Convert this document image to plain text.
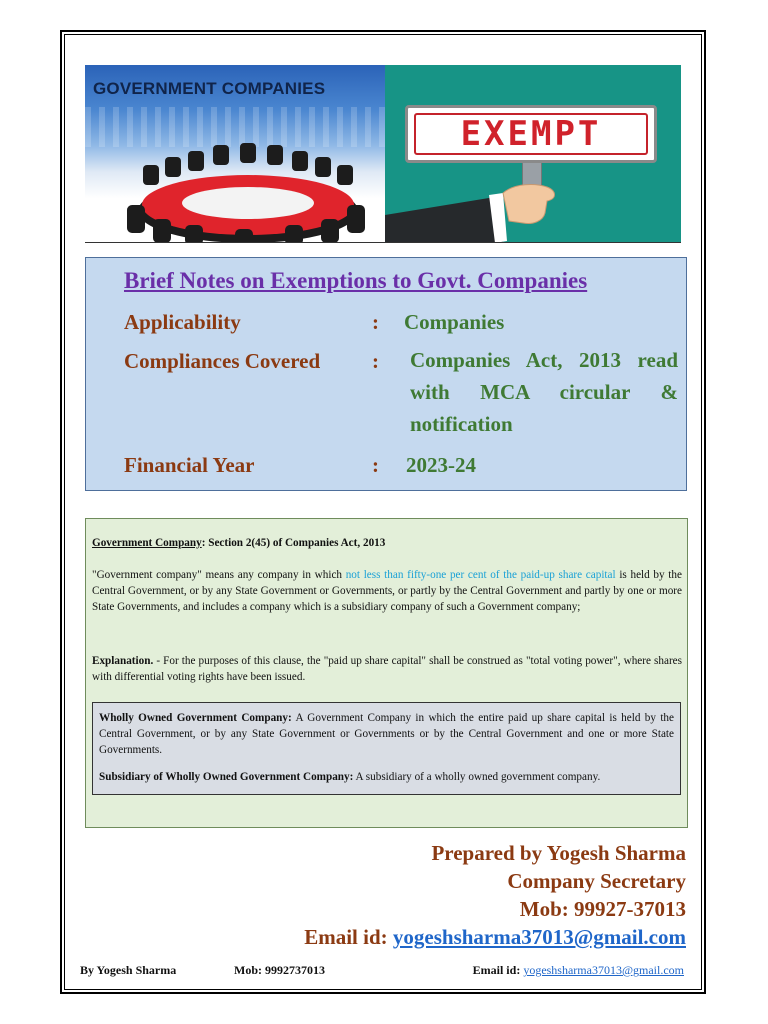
GOVERNMENT COMPANIES
EXEMPT
Brief Notes on Exemptions to Govt. Companies
Applicability	: Companies
Compliances Covered : Companies Act, 2013 read with MCA circular & notification
Financial Year	: 2023-24
Government Company: Section 2(45) of Companies Act, 2013
"Government company" means any company in which not less than fifty-one per cent of the paid-up share capital is held by the Central Government, or by any State Government or Governments, or partly by the Central Government and partly by one or more State Governments, and includes a company which is a subsidiary company of such a Government company;
Explanation. - For the purposes of this clause, the "paid up share capital" shall be construed as "total voting power", where shares with differential voting rights have been issued.
Wholly Owned Government Company: A Government Company in which the entire paid up share capital is held by the Central Government, or by any State Government or Governments or by the Central Government and one or more State Governments.
Subsidiary of Wholly Owned Government Company: A subsidiary of a wholly owned government company.
Prepared by Yogesh Sharma
Company Secretary
Mob: 99927-37013
Email id: yogeshsharma37013@gmail.com
By Yogesh Sharma	Mob: 9992737013	Email id: yogeshsharma37013@gmail.com
